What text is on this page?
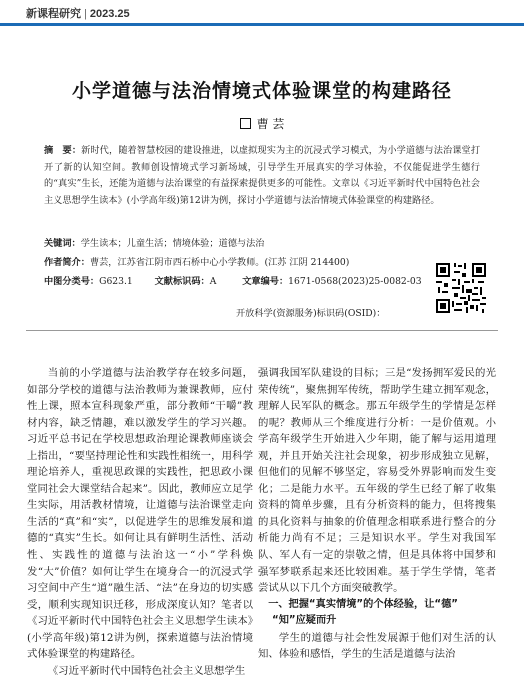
新课程研究 | 2023.25
小学道德与法治情境式体验课堂的构建路径
曹 芸
摘　要：新时代，随着智慧校园的建设推进，以虚拟现实为主的沉浸式学习模式，为小学道德与法治课堂打开了新的认知空间。教师创设情境式学习新场域，引导学生开展真实的学习体验，不仅能促进学生德行的“真实”生长，还能为道德与法治课堂的有益探索提供更多的可能性。文章以《习近平新时代中国特色社会主义思想学生读本》(小学高年级)第12讲为例，探讨小学道德与法治情境式体验课堂的构建路径。
关键词：学生读本；儿童生活；情境体验；道德与法治
作者简介：曹芸，江苏省江阴市西石桥中心小学教师。(江苏 江阴 214400)
中图分类号：G623.1 文献标识码：A	文章编号：1671-0568(2023)25-0082-03
开放科学(资源服务)标识码(OSID)：

当前的小学道德与法治教学存在较多问题，如部分学校的道德与法治教师为兼课教师，应付性上课，照本宣科现象严重，部分教师“干嚼”教材内容，缺乏情趣，难以激发学生的学习兴趣。习近平总书记在学校思想政治理论课教师座谈会上指出，“要坚持理论性和实践性相统一，用科学理论培养人，重视思政课的实践性，把思政小课堂同社会大课堂结合起来”。因此，教师应立足学生实际，用活教材情境，让道德与法治课堂走向生活的“真”和“实”，以促进学生的思维发展和道德的“真实”生长。如何让具有鲜明生活性、活动性、实践性的道德与法治这一“小”学科焕发“大”价值？如何让学生在境身合一的沉浸式学习空间中产生“道”融生活、“法”在身边的切实感受，顺利实现知识迁移，形成深度认知？笔者以《习近平新时代中国特色社会主义思想学生读本》(小学高年级)第12讲为例，探索道德与法治情境式体验课堂的构建路径。

《习近平新时代中国特色社会主义思想学生

强调我国军队建设的目标；三是“发扬拥军爱民的光荣传统”，聚焦拥军传统，帮助学生建立拥军观念，理解人民军队的概念。那五年级学生的学情是怎样的呢？教师从三个维度进行分析：一是价值观。小学高年级学生开始进入少年期，能了解与运用道理观，并且开始关注社会现象，初步形成独立见解，但他们的见解不够坚定，容易受外界影响而发生变化；二是能力水平。五年级的学生已经了解了收集资料的简单步骤，且有分析资料的能力，但将搜集的具化资料与抽象的价值理念相联系进行整合的分析能力尚有不足；三是知识水平。学生对我国军队、军人有一定的崇敬之情，但是具体将中国梦和强军梦联系起来还比较困难。基于学生学情，笔者尝试从以下几个方面突破教学。

一、把握“真实情境”的个体经验，让“德”
“知”应疑而升

学生的道德与社会性发展源于他们对生活的认知、体验和感悟，学生的生活是道德与法治
